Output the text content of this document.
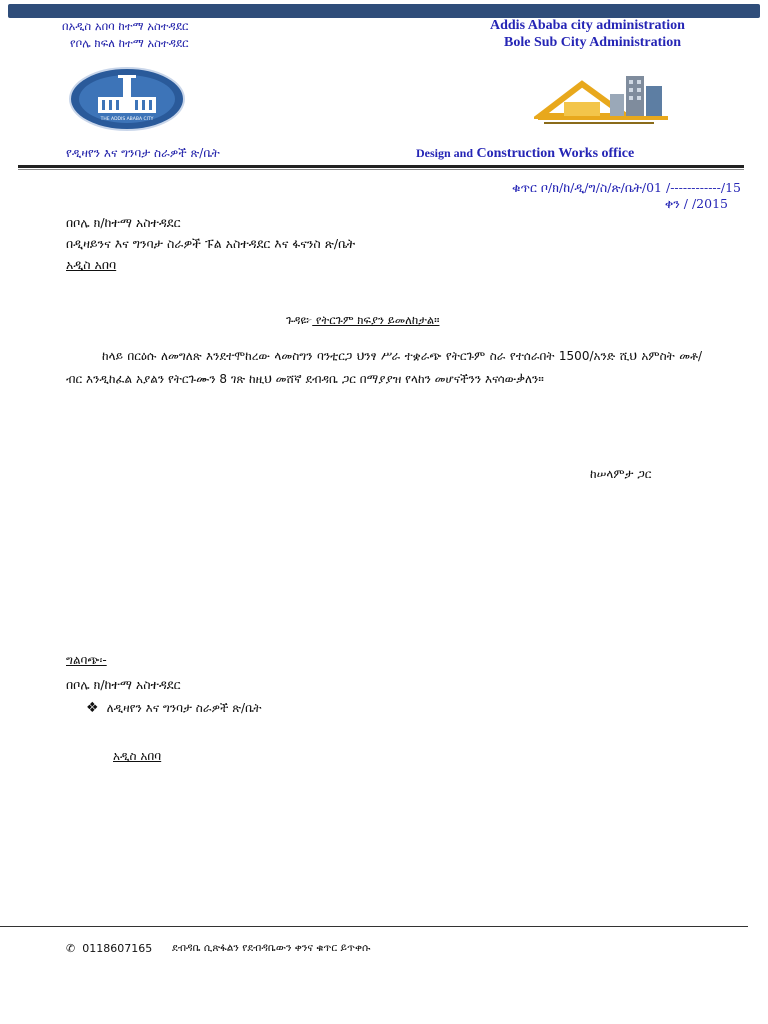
በአዲስ አበባ ከተማ አስተዳደር
የቦሌ ክፍለ ከተማ አስተዳደር
Addis Ababa city administration
Bole Sub City Administration
THE ADDIS ABABA CITY
የዲዛየን እና ግንባታ ስራዎች ጽ/ቤት	Design and Construction Works office
ቁጥር ቦ/ክ/ከ/ዲ/ግ/ስ/ጽ/ቤት/01 /------------/15
ቀን / /2015
በቦሌ ክ/ከተማ አስተዳደር
በዲዛይንና እና ግንባታ ስራዎች ፑል አስተዳደር እና ፋናንስ ጽ/ቤት
አዲስ አበባ
ጉዳዩ፦ የትርጉም ክፍያን ይመለከታል።
ከላይ በርዕሱ ለመግለጽ እንደተሞከረው ላመስግን ባንቲርጋ ህንፃ ሥራ ተቋራጭ የትርጉም ስራ የተሰራበት 1500/አንድ ሺህ አምስት መቶ/ ብር እንዲከፈል አያልን የትርጉሙን 8 ገጽ ከዚህ መሸኛ ደብዳቤ ጋር በማያያዝ የላከን መሆናችንን እናሳውቃለን።
ከሠላምታ ጋር
ግልባጭ፡-
በቦሌ ክ/ከተማ አስተዳደር
❖ ለዲዛየን እና ግንባታ ስራዎች ጽ/ቤት
አዲስ አበባ
✆ 0118607165 ደብዳቤ ሲጽፋልን የደብዳቤውን ቀንና ቁጥር ይጥቀሱ
